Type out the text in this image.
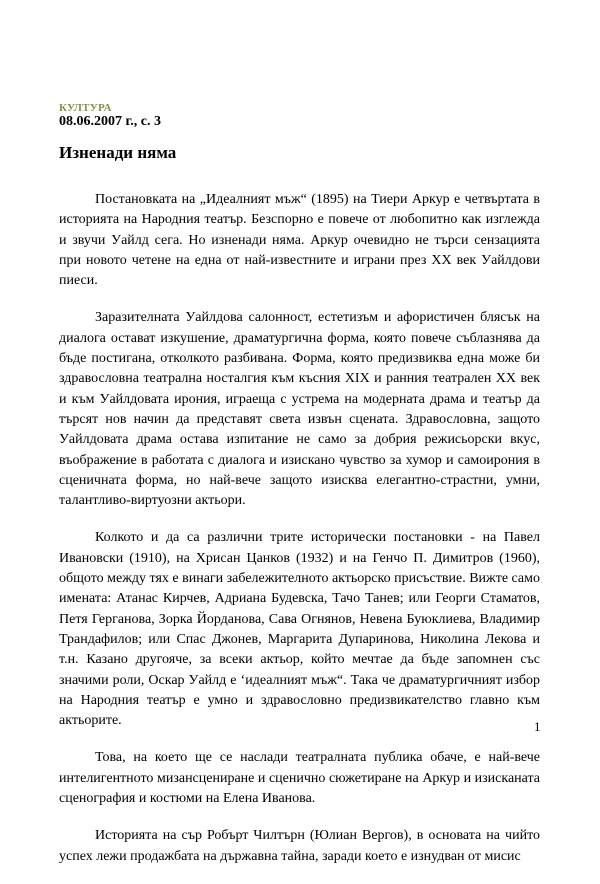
КУЛТУРА
08.06.2007 г., с. 3
Изненади няма

Постановката на „Идеалният мъж“ (1895) на Тиери Аркур е четвъртата в историята на Народния театър. Безспорно е повече от любопитно как изглежда и звучи Уайлд сега. Но изненади няма. Аркур очевидно не търси сензацията при новото четене на една от най-известните и играни през ХХ век Уайлдови пиеси.

Заразителната Уайлдова салонност, естетизъм и афористичен блясък на диалога остават изкушение, драматургична форма, която повече съблазнява да бъде постигана, отколкото разбивана. Форма, която предизвиква една може би здравословна театрална носталгия към късния ХІХ и ранния театрален ХХ век и към Уайлдовата ирония, играеща с устрема на модерната драма и театър да търсят нов начин да представят света извън сцената. Здравословна, защото Уайлдовата драма остава изпитание не само за добрия режисьорски вкус, въображение в работата с диалога и изискано чувство за хумор и самоирония в сценичната форма, но най-вече защото изисква елегантно-страстни, умни, талантливо-виртуозни актьори.

Колкото и да са различни трите исторически постановки - на Павел Ивановски (1910), на Хрисан Цанков (1932) и на Генчо П. Димитров (1960), общото между тях е винаги забележителното актьорско присъствие. Вижте само имената: Атанас Кирчев, Адриана Будевска, Тачо Танев; или Георги Стаматов, Петя Герганова, Зорка Йорданова, Сава Огнянов, Невена Буюклиева, Владимир Трандафилов; или Спас Джонев, Маргарита Дупаринова, Николина Лекова и т.н. Казано другояче, за всеки актьор, който мечтае да бъде запомнен със значими роли, Оскар Уайлд е ʻидеалният мъж“. Така че драматургичният избор на Народния театър е умно и здравословно предизвикателство главно към актьорите.

Това, на което ще се наслади театралната публика обаче, е най-вече интелигентното мизансцениране и сценично сюжетиране на Аркур и изисканата сценография и костюми на Елена Иванова.

Историята на сър Робърт Чилтърн (Юлиан Вергов), в основата на чийто успех лежи продажбата на държавна тайна, заради което е изнудван от мисис

1
